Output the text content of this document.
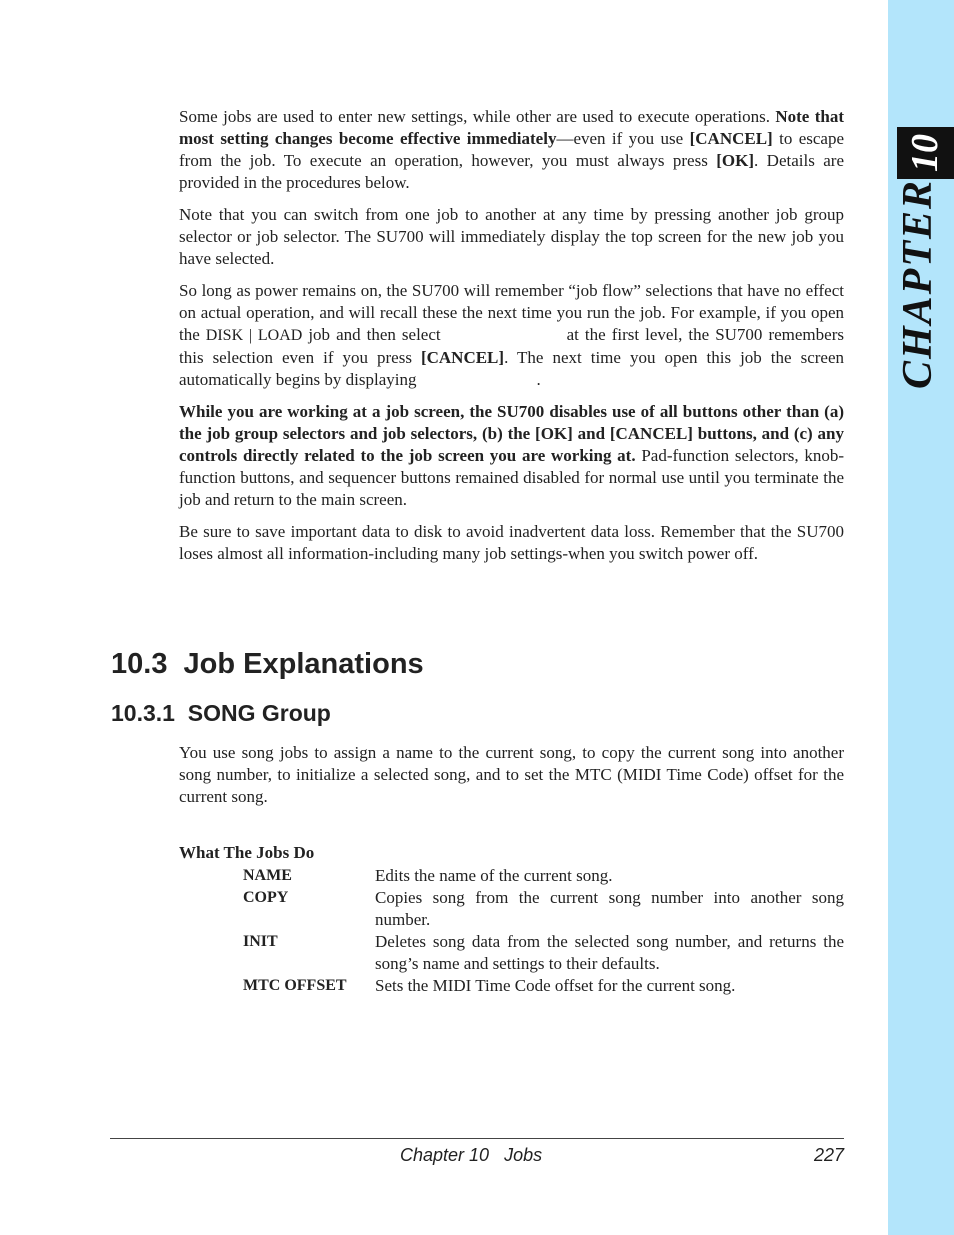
10
CHAPTER

Some jobs are used to enter new settings, while other are used to execute operations. Note that most setting changes become effective immediately—even if you use [CANCEL] to escape from the job. To execute an operation, however, you must always press [OK]. Details are provided in the procedures below.

Note that you can switch from one job to another at any time by pressing another job group selector or job selector. The SU700 will immediately display the top screen for the new job you have selected.

So long as power remains on, the SU700 will remember “job flow” selections that have no effect on actual operation, and will recall these the next time you run the job. For example, if you open the DISK | LOAD job and then select	at the first level, the SU700 remembers this selection even if you press [CANCEL]. The next time you open this job the screen automatically begins by displaying	.

While you are working at a job screen, the SU700 disables use of all buttons other than (a) the job group selectors and job selectors, (b) the [OK] and [CANCEL] buttons, and (c) any controls directly related to the job screen you are working at. Pad-function selectors, knob-function buttons, and sequencer buttons remained disabled for normal use until you terminate the job and return to the main screen.

Be sure to save important data to disk to avoid inadvertent data loss. Remember that the SU700 loses almost all information-including many job settings-when you switch power off.

10.3  Job Explanations
10.3.1  SONG Group

You use song jobs to assign a name to the current song, to copy the current song into another song number, to initialize a selected song, and to set the MTC (MIDI Time Code) offset for the current song.

What The Jobs Do

NAME	Edits the name of the current song.
COPY	Copies song from the current song number into another song number.
INIT	Deletes song data from the selected song number, and returns the song’s name and settings to their defaults.
MTC OFFSET	Sets the MIDI Time Code offset for the current song.
Chapter 10   Jobs	227
